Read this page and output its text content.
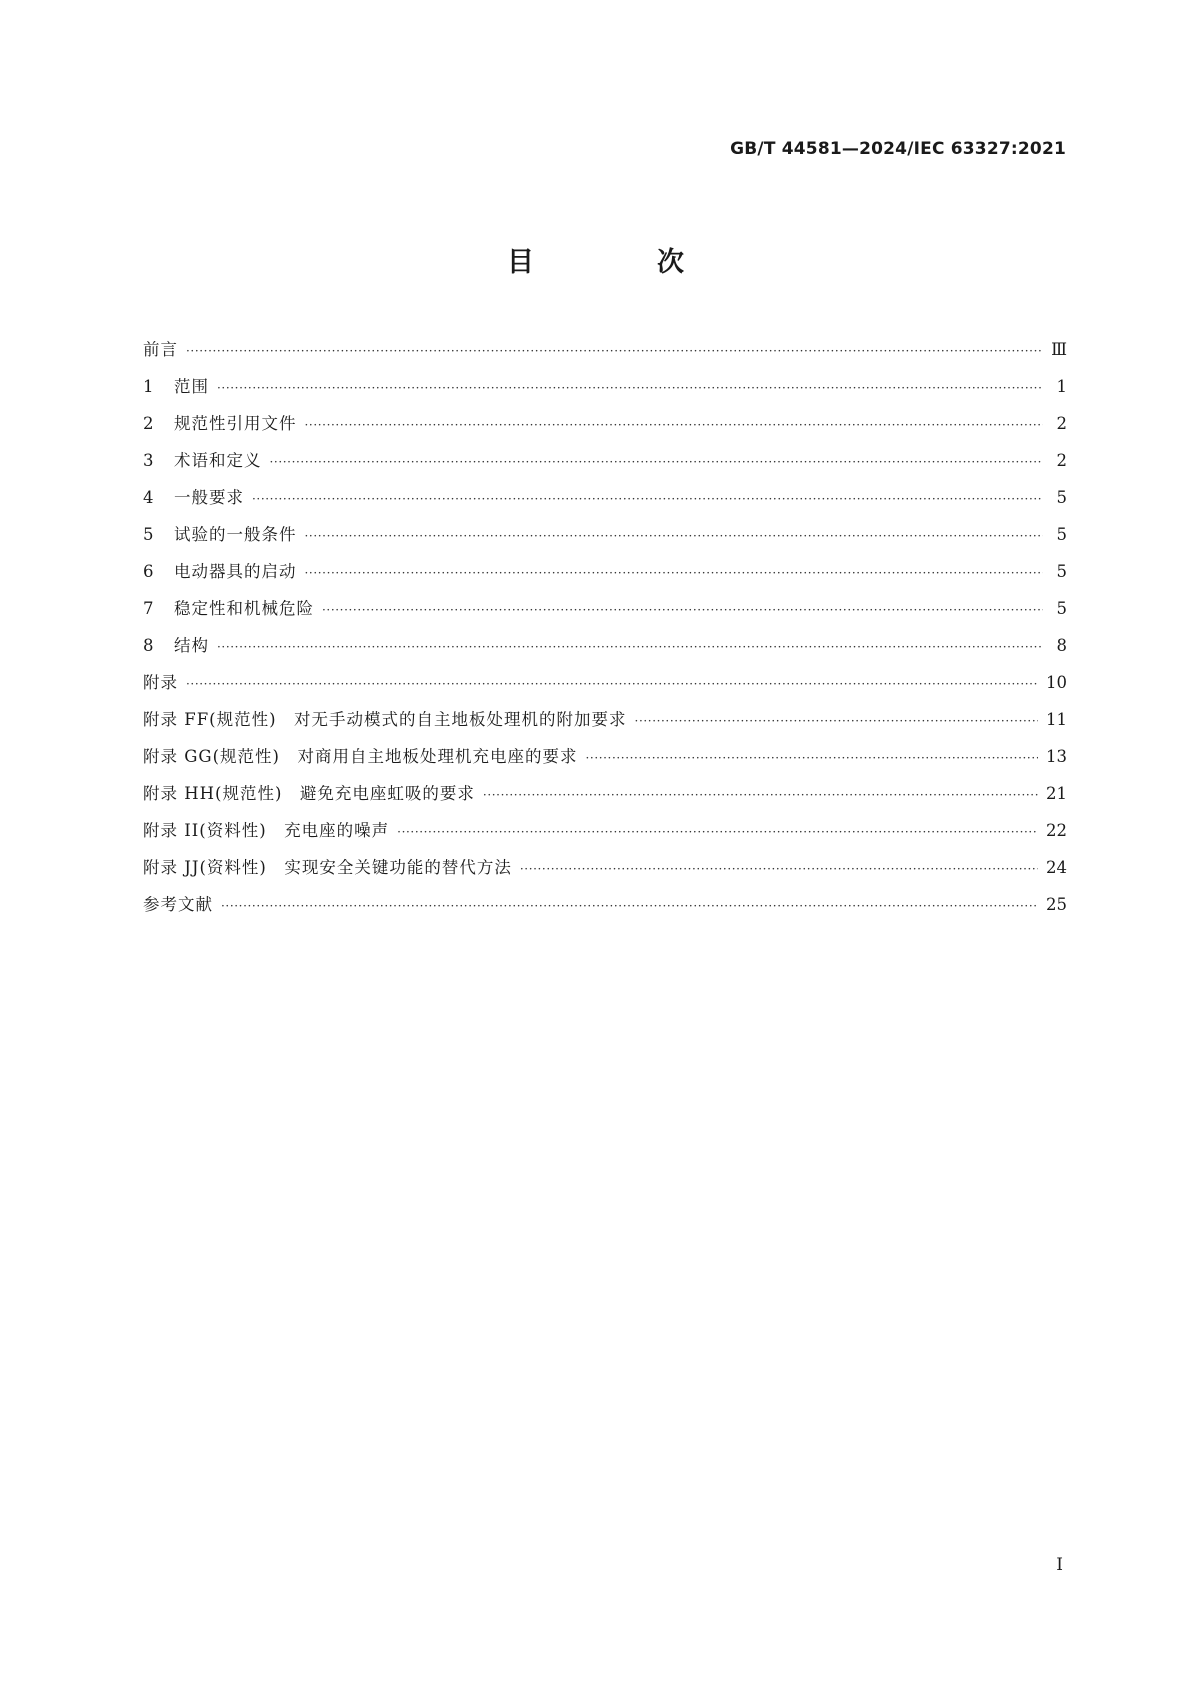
GB/T 44581—2024/IEC 63327:2021
目　次
前言 ·····	Ⅲ
1	范围 ·····	1
2	规范性引用文件 ·····	2
3	术语和定义 ·····	2
4	一般要求 ·····	5
5	试验的一般条件 ·····	5
6	电动器具的启动 ·····	5
7	稳定性和机械危险 ·····	5
8	结构 ·····	8
附录 ·····	10
附录 FF(规范性)　对无手动模式的自主地板处理机的附加要求 ·····	11
附录 GG(规范性)　对商用自主地板处理机充电座的要求 ·····	13
附录 HH(规范性)　避免充电座虹吸的要求 ·····	21
附录 II(资料性)　充电座的噪声 ·····	22
附录 JJ(资料性)　实现安全关键功能的替代方法 ·····	24
参考文献 ·····	25
Ⅰ
